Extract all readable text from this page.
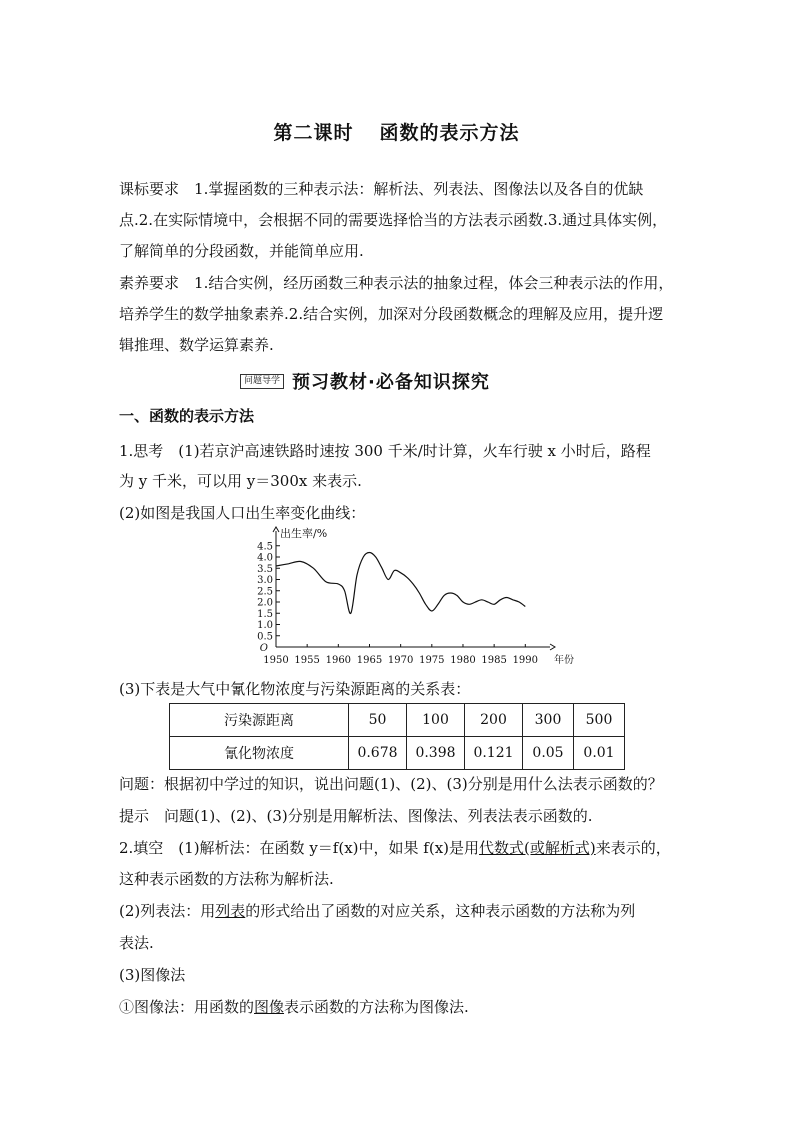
第二课时 函数的表示方法
课标要求　 1.掌握函数的三种表示法：解析法、列表法、图像法以及各自的优缺点.2.在实际情境中，会根据不同的需要选择恰当的方法表示函数.3.通过具体实例，了解简单的分段函数，并能简单应用.
素养要求　 1.结合实例，经历函数三种表示法的抽象过程，体会三种表示法的作用，培养学生的数学抽象素养.2.结合实例，加深对分段函数概念的理解及应用，提升逻辑推理、数学运算素养.
问题导学 预习教材·必备知识探究
一、函数的表示方法
1.思考　(1)若京沪高速铁路时速按 300 千米/时计算，火车行驶 x 小时后，路程
为 y 千米，可以用 y＝300x 来表示.
(2)如图是我国人口出生率变化曲线：
0.5
1.0
1.5
2.0
2.5
3.0
3.5
4.0
4.5
1950 1955 1960 1965 1970 1975 1980 1985 1990
O
出生率/%
年份
(3)下表是大气中氰化物浓度与污染源距离的关系表：
污染源距离	50	100	200	300	500
氰化物浓度	0.678	0.398	0.121	0.05	0.01
问题：根据初中学过的知识，说出问题(1)、(2)、(3)分别是用什么法表示函数的？
提示　问题(1)、(2)、(3)分别是用解析法、图像法、列表法表示函数的.
2.填空　(1)解析法：在函数 y＝f(x)中，如果 f(x)是用代数式(或解析式)来表示的，
这种表示函数的方法称为解析法.
(2)列表法：用列表的形式给出了函数的对应关系，这种表示函数的方法称为列
表法.
(3)图像法
①图像法：用函数的图像表示函数的方法称为图像法.
